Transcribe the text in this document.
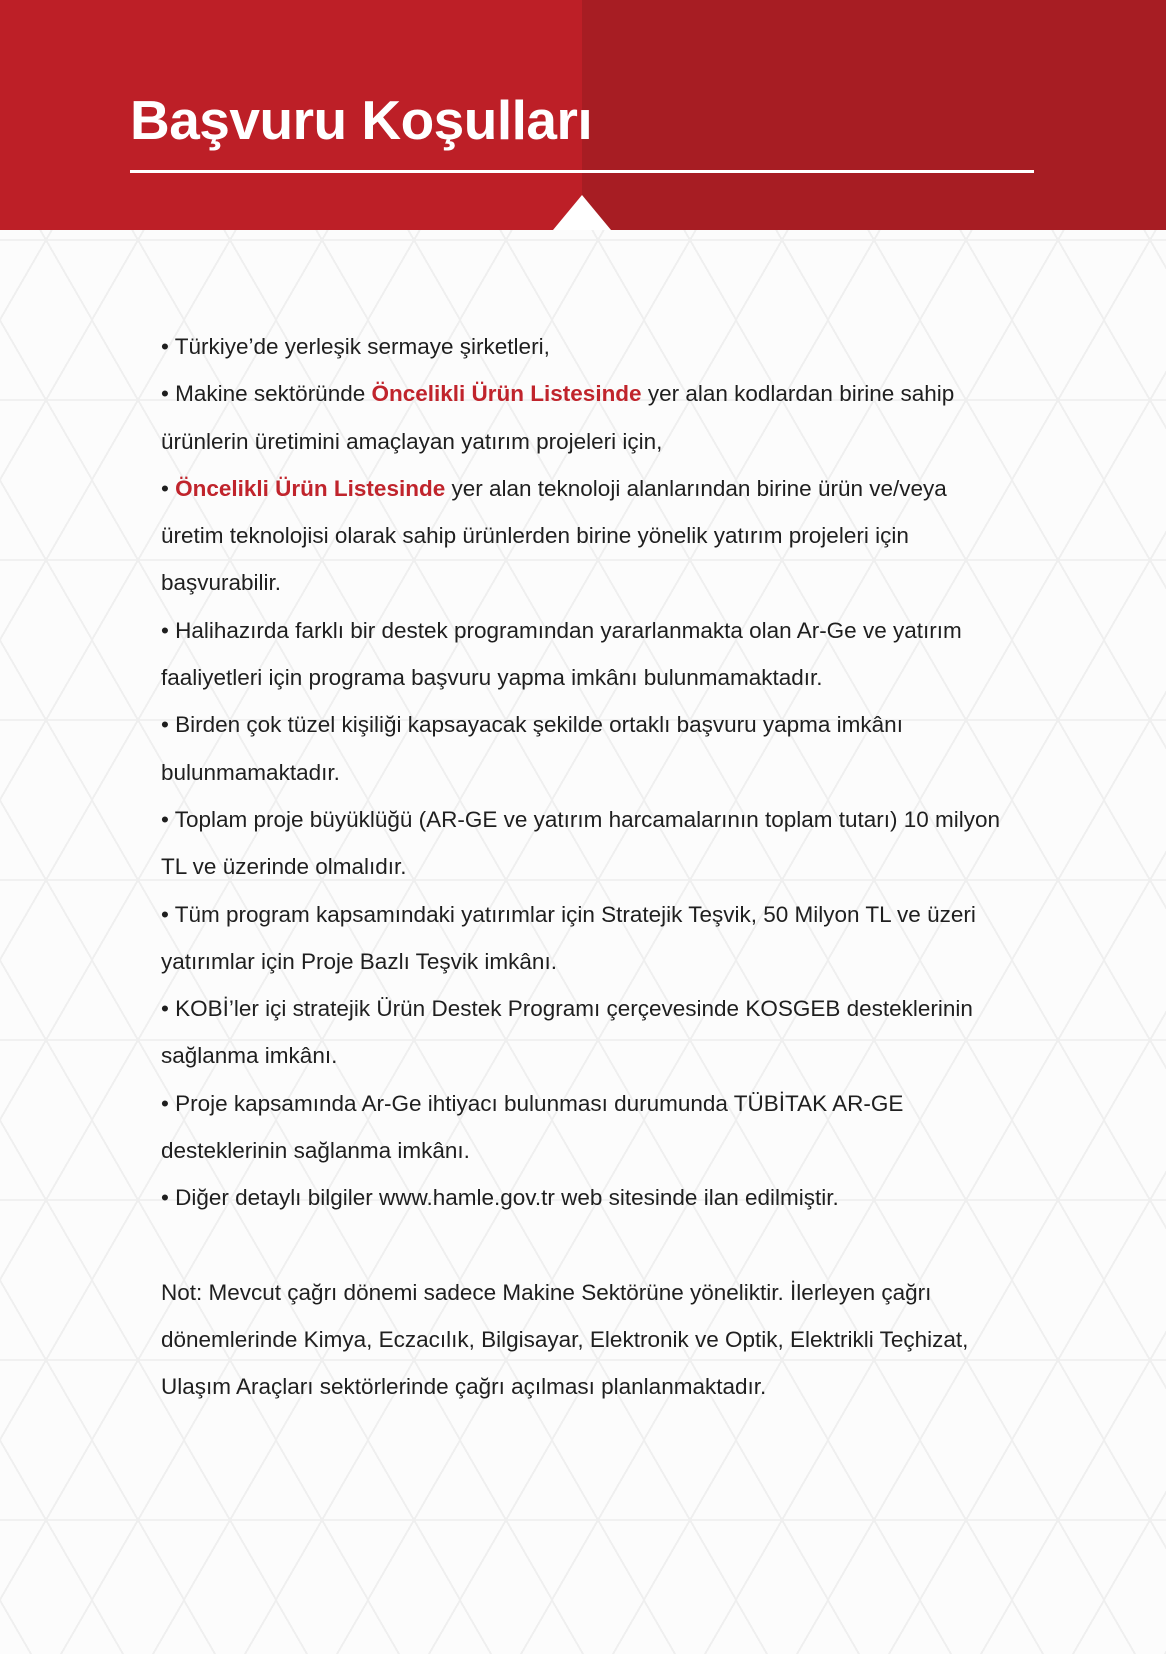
Başvuru Koşulları

• Türkiye’de yerleşik sermaye şirketleri,

• Makine sektöründe Öncelikli Ürün Listesinde yer alan kodlardan birine sahip ürünlerin üretimini amaçlayan yatırım projeleri için,

• Öncelikli Ürün Listesinde yer alan teknoloji alanlarından birine ürün ve/veya üretim teknolojisi olarak sahip ürünlerden birine yönelik yatırım projeleri için başvurabilir.

• Halihazırda farklı bir destek programından yararlanmakta olan Ar-Ge ve yatırım faaliyetleri için programa başvuru yapma imkânı bulunmamaktadır.

• Birden çok tüzel kişiliği kapsayacak şekilde ortaklı başvuru yapma imkânı bulunmamaktadır.

• Toplam proje büyüklüğü (AR-GE ve yatırım harcamalarının toplam tutarı) 10 milyon TL ve üzerinde olmalıdır.

• Tüm program kapsamındaki yatırımlar için Stratejik Teşvik, 50 Milyon TL ve üzeri yatırımlar için Proje Bazlı Teşvik imkânı.

• KOBİ’ler içi stratejik Ürün Destek Programı çerçevesinde KOSGEB desteklerinin sağlanma imkânı.

• Proje kapsamında Ar-Ge ihtiyacı bulunması durumunda TÜBİTAK AR-GE desteklerinin sağlanma imkânı.

• Diğer detaylı bilgiler www.hamle.gov.tr web sitesinde ilan edilmiştir.

Not: Mevcut çağrı dönemi sadece Makine Sektörüne yöneliktir. İlerleyen çağrı dönemlerinde Kimya, Eczacılık, Bilgisayar, Elektronik ve Optik, Elektrikli Teçhizat, Ulaşım Araçları sektörlerinde çağrı açılması planlanmaktadır.
